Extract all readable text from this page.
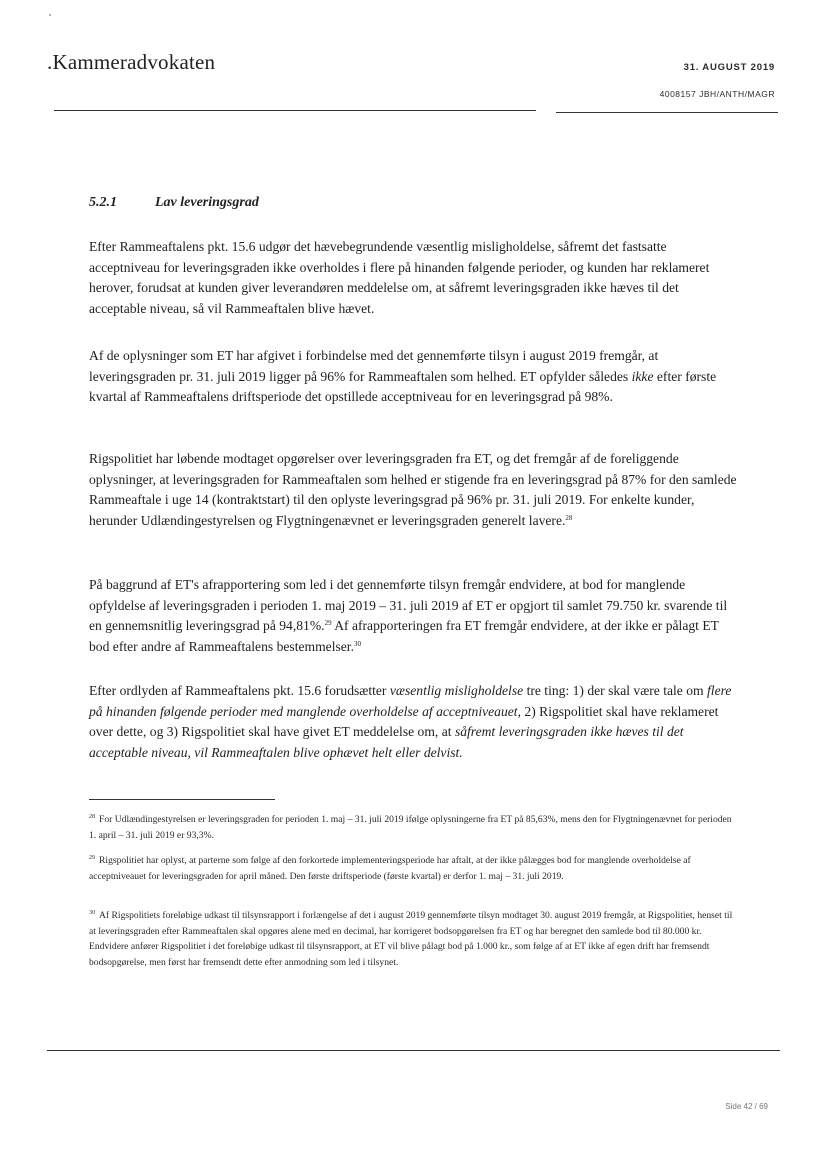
.Kammeradvokaten	31. AUGUST 2019
4008157 JBH/ANTH/MAGR
5.2.1	Lav leveringsgrad

Efter Rammeaftalens pkt. 15.6 udgør det hævebegrundende væsentlig misligholdelse, såfremt det fastsatte acceptniveau for leveringsgraden ikke overholdes i flere på hinanden følgende perioder, og kunden har reklameret herover, forudsat at kunden giver leverandøren meddelelse om, at såfremt leveringsgraden ikke hæves til det acceptable niveau, så vil Rammeaftalen blive hævet.

Af de oplysninger som ET har afgivet i forbindelse med det gennemførte tilsyn i august 2019 fremgår, at leveringsgraden pr. 31. juli 2019 ligger på 96% for Rammeaftalen som helhed. ET opfylder således ikke efter første kvartal af Rammeaftalens driftsperiode det opstillede acceptniveau for en leveringsgrad på 98%.

Rigspolitiet har løbende modtaget opgørelser over leveringsgraden fra ET, og det fremgår af de foreliggende oplysninger, at leveringsgraden for Rammeaftalen som helhed er stigende fra en leveringsgrad på 87% for den samlede Rammeaftale i uge 14 (kontraktstart) til den oplyste leveringsgrad på 96% pr. 31. juli 2019. For enkelte kunder, herunder Udlændingestyrelsen og Flygtningenævnet er leveringsgraden generelt lavere.$^{28}$

På baggrund af ET's afrapportering som led i det gennemførte tilsyn fremgår endvidere, at bod for manglende opfyldelse af leveringsgraden i perioden 1. maj 2019 – 31. juli 2019 af ET er opgjort til samlet 79.750 kr. svarende til en gennemsnitlig leveringsgrad på 94,81%.$^{29}$ Af afrapporteringen fra ET fremgår endvidere, at der ikke er pålagt ET bod efter andre af Rammeaftalens bestemmelser.$^{30}$

Efter ordlyden af Rammeaftalens pkt. 15.6 forudsætter væsentlig misligholdelse tre ting: 1) der skal være tale om flere på hinanden følgende perioder med manglende overholdelse af acceptniveauet, 2) Rigspolitiet skal have reklameret over dette, og 3) Rigspolitiet skal have givet ET meddelelse om, at såfremt leveringsgraden ikke hæves til det acceptable niveau, vil Rammeaftalen blive ophævet helt eller delvist.

$^{28}$ For Udlændingestyrelsen er leveringsgraden for perioden 1. maj – 31. juli 2019 ifølge oplysningerne fra ET på 85,63%, mens den for Flygtningenævnet for perioden 1. april – 31. juli 2019 er 93,3%.
$^{29}$ Rigspolitiet har oplyst, at parterne som følge af den forkortede implementeringsperiode har aftalt, at der ikke pålægges bod for manglende overholdelse af acceptniveauet for leveringsgraden for april måned. Den første driftsperiode (første kvartal) er derfor 1. maj – 31. juli 2019.
$^{30}$ Af Rigspolitiets foreløbige udkast til tilsynsrapport i forlængelse af det i august 2019 gennemførte tilsyn modtaget 30. august 2019 fremgår, at Rigspolitiet, henset til at leveringsgraden efter Rammeaftalen skal opgøres alene med en decimal, har korrigeret bodsopgørelsen fra ET og har beregnet den samlede bod til 80.000 kr. Endvidere anfører Rigspolitiet i det foreløbige udkast til tilsynsrapport, at ET vil blive pålagt bod på 1.000 kr., som følge af at ET ikke af egen drift har fremsendt bodsopgørelse, men først har fremsendt dette efter anmodning som led i tilsynet.
Side 42 / 69
